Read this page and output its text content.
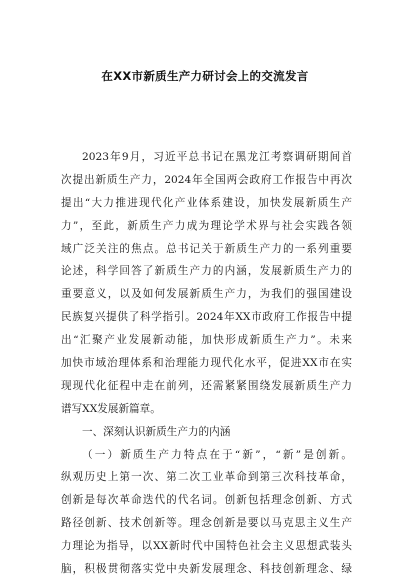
在XX市新质生产力研讨会上的交流发言
2023年9月，习近平总书记在黑龙江考察调研期间首
次提出新质生产力，2024年全国两会政府工作报告中再次
提出“大力推进现代化产业体系建设，加快发展新质生产
力”，至此，新质生产力成为理论学术界与社会实践各领
域广泛关注的焦点。总书记关于新质生产力的一系列重要
论述，科学回答了新质生产力的内涵，发展新质生产力的
重要意义，以及如何发展新质生产力，为我们的强国建设
民族复兴提供了科学指引。2024年XX市政府工作报告中提
出“汇聚产业发展新动能，加快形成新质生产力”。未来
加快市域治理体系和治理能力现代化水平，促进XX市在实
现现代化征程中走在前列，还需紧紧围绕发展新质生产力
谱写XX发展新篇章。
一、深刻认识新质生产力的内涵
（一）新质生产力特点在于“新”，“新”是创新。
纵观历史上第一次、第二次工业革命到第三次科技革命，
创新是每次革命迭代的代名词。创新包括理念创新、方式
路径创新、技术创新等。理念创新是要以马克思主义生产
力理论为指导，以XX新时代中国特色社会主义思想武装头
脑，积极贯彻落实党中央新发展理念、科技创新理念、绿
